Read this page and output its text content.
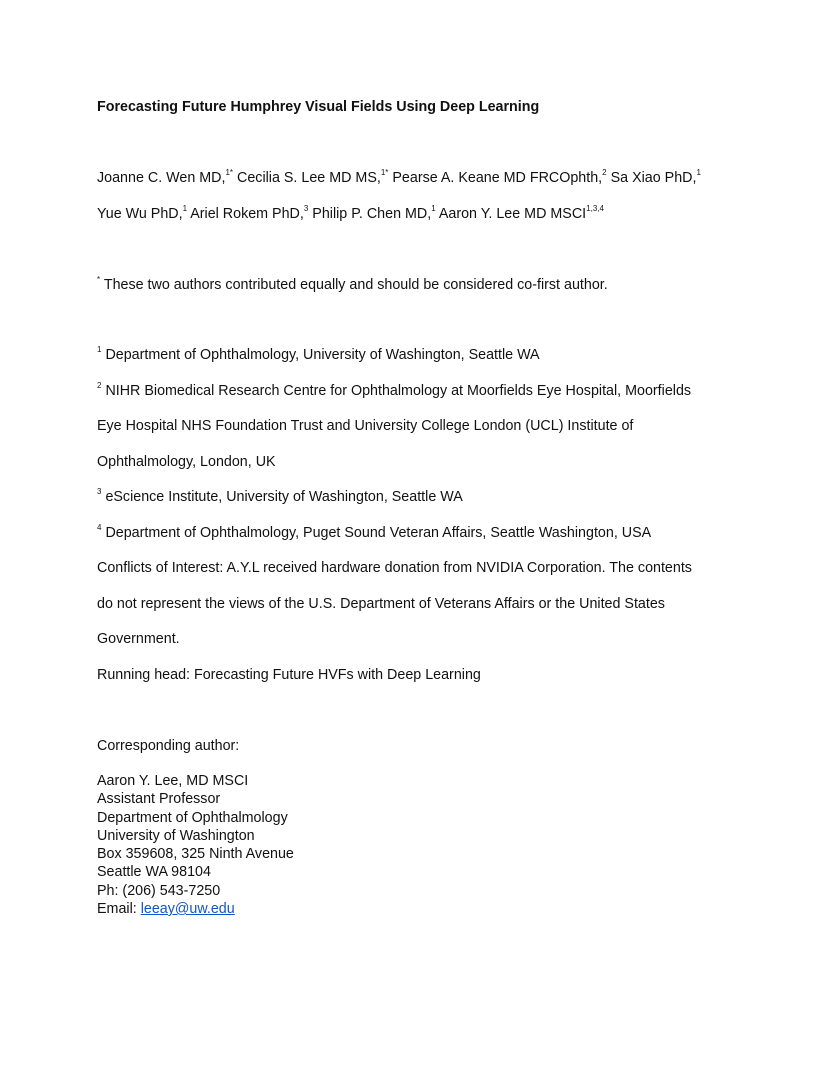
Forecasting Future Humphrey Visual Fields Using Deep Learning

Joanne C. Wen MD,$^{1*}$ Cecilia S. Lee MD MS,$^{1*}$ Pearse A. Keane MD FRCOphth,$^2$ Sa Xiao PhD,$^1$

Yue Wu PhD,$^1$ Ariel Rokem PhD,$^3$ Philip P. Chen MD,$^1$ Aaron Y. Lee MD MSCI$^{1,3,4}$

* These two authors contributed equally and should be considered co-first author.

$^1$ Department of Ophthalmology, University of Washington, Seattle WA

$^2$ NIHR Biomedical Research Centre for Ophthalmology at Moorfields Eye Hospital, Moorfields

Eye Hospital NHS Foundation Trust and University College London (UCL) Institute of

Ophthalmology, London, UK

$^3$ eScience Institute, University of Washington, Seattle WA

$^4$ Department of Ophthalmology, Puget Sound Veteran Affairs, Seattle Washington, USA

Conflicts of Interest: A.Y.L received hardware donation from NVIDIA Corporation. The contents

do not represent the views of the U.S. Department of Veterans Affairs or the United States

Government.

Running head: Forecasting Future HVFs with Deep Learning

Corresponding author:

Aaron Y. Lee, MD MSCI

Assistant Professor

Department of Ophthalmology

University of Washington

Box 359608, 325 Ninth Avenue

Seattle WA 98104

Ph: (206) 543-7250

Email: leeay@uw.edu
